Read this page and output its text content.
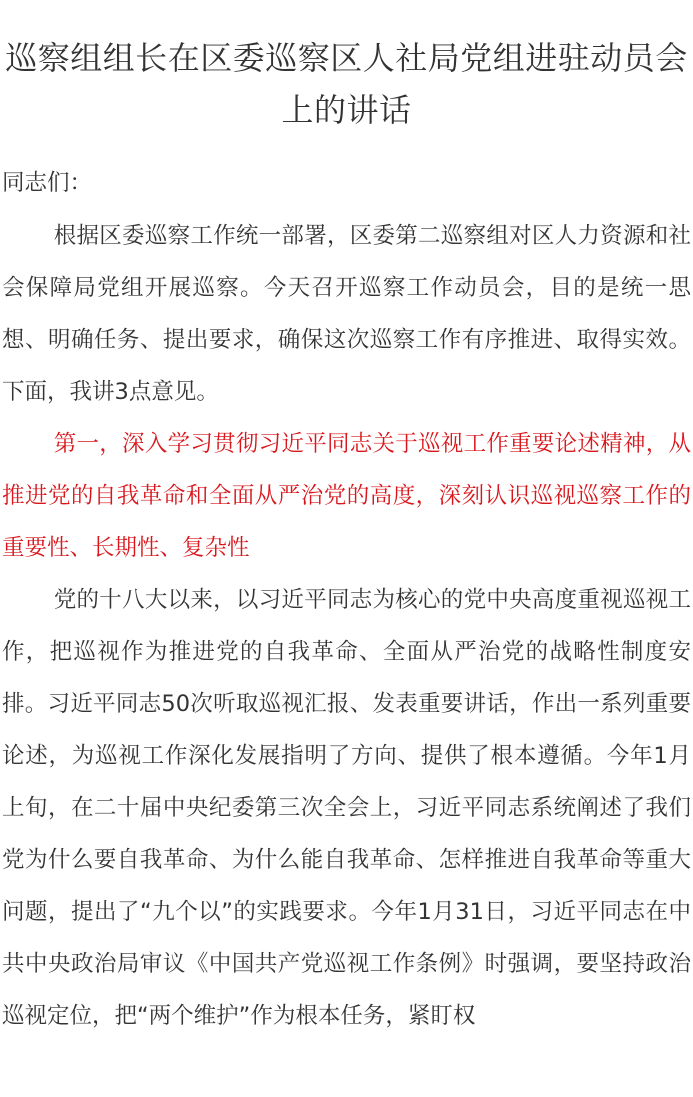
巡察组组长在区委巡察区人社局党组进驻动员会上的讲话

同志们：

根据区委巡察工作统一部署，区委第二巡察组对区人力资源和社会保障局党组开展巡察。今天召开巡察工作动员会，目的是统一思想、明确任务、提出要求，确保这次巡察工作有序推进、取得实效。下面，我讲3点意见。

第一，深入学习贯彻习近平同志关于巡视工作重要论述精神，从推进党的自我革命和全面从严治党的高度，深刻认识巡视巡察工作的重要性、长期性、复杂性

党的十八大以来，以习近平同志为核心的党中央高度重视巡视工作，把巡视作为推进党的自我革命、全面从严治党的战略性制度安排。习近平同志50次听取巡视汇报、发表重要讲话，作出一系列重要论述，为巡视工作深化发展指明了方向、提供了根本遵循。今年1月上旬，在二十届中央纪委第三次全会上，习近平同志系统阐述了我们党为什么要自我革命、为什么能自我革命、怎样推进自我革命等重大问题，提出了“九个以”的实践要求。今年1月31日，习近平同志在中共中央政治局审议《中国共产党巡视工作条例》时强调，要坚持政治巡视定位，把“两个维护”作为根本任务，紧盯权
